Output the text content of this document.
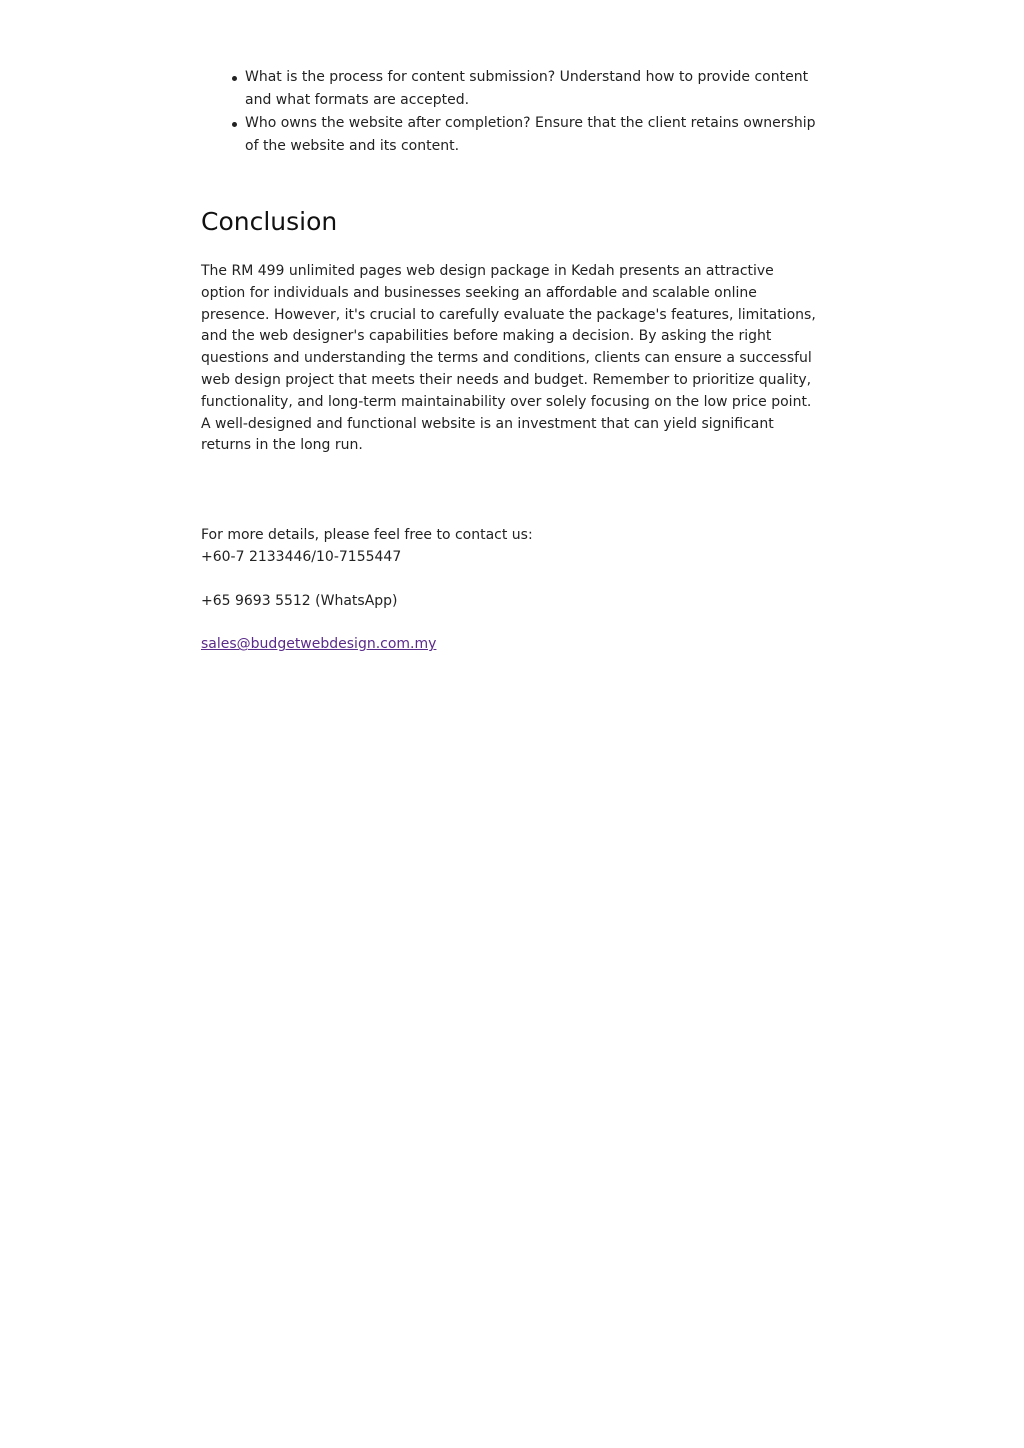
What is the process for content submission? Understand how to provide content and what formats are accepted.
Who owns the website after completion? Ensure that the client retains ownership of the website and its content.
Conclusion

The RM 499 unlimited pages web design package in Kedah presents an attractive option for individuals and businesses seeking an affordable and scalable online presence. However, it's crucial to carefully evaluate the package's features, limitations, and the web designer's capabilities before making a decision. By asking the right questions and understanding the terms and conditions, clients can ensure a successful web design project that meets their needs and budget. Remember to prioritize quality, functionality, and long-term maintainability over solely focusing on the low price point. A well-designed and functional website is an investment that can yield significant returns in the long run.

For more details, please feel free to contact us:

+60-7 2133446/10-7155447

+65 9693 5512 (WhatsApp)

sales@budgetwebdesign.com.my
